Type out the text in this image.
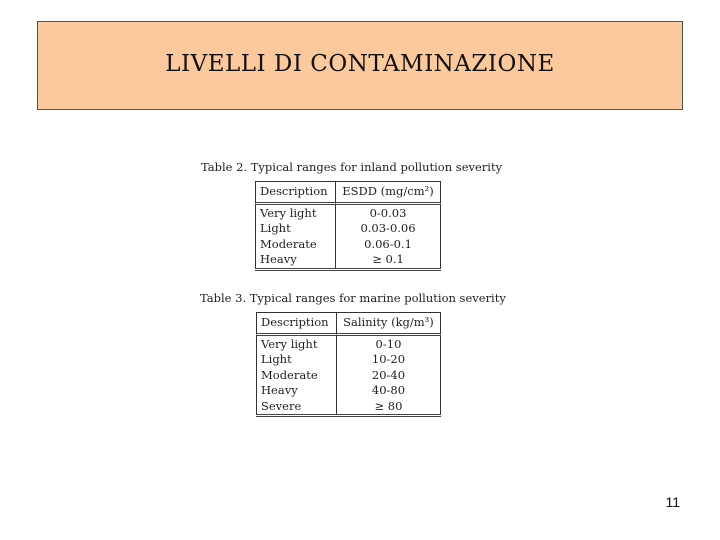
LIVELLI DI CONTAMINAZIONE
Table 2. Typical ranges for inland pollution severity
Description	ESDD (mg/cm²)
Very light	0-0.03
Light	0.03-0.06
Moderate	0.06-0.1
Heavy	≥ 0.1
Table 3. Typical ranges for marine pollution severity
Description	Salinity (kg/m³)
Very light	0-10
Light	10-20
Moderate	20-40
Heavy	40-80
Severe	≥ 80
11
